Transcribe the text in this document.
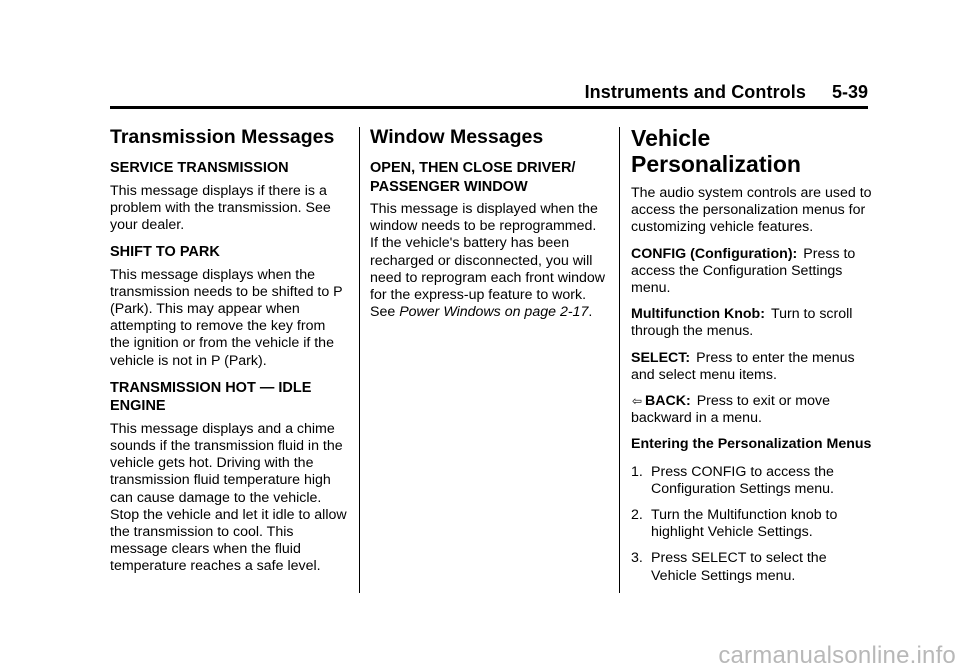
Instruments and Controls 5-39
Transmission Messages
SERVICE TRANSMISSION

This message displays if there is a problem with the transmission. See your dealer.

SHIFT TO PARK

This message displays when the transmission needs to be shifted to P (Park). This may appear when attempting to remove the key from the ignition or from the vehicle if the vehicle is not in P (Park).

TRANSMISSION HOT — IDLE ENGINE

This message displays and a chime sounds if the transmission fluid in the vehicle gets hot. Driving with the transmission fluid temperature high can cause damage to the vehicle. Stop the vehicle and let it idle to allow the transmission to cool. This message clears when the fluid temperature reaches a safe level.

Window Messages
OPEN, THEN CLOSE DRIVER/ PASSENGER WINDOW

This message is displayed when the window needs to be reprogrammed. If the vehicle's battery has been recharged or disconnected, you will need to reprogram each front window for the express-up feature to work. See Power Windows on page 2-17.

Vehicle Personalization

The audio system controls are used to access the personalization menus for customizing vehicle features.

CONFIG (Configuration): Press to access the Configuration Settings menu.

Multifunction Knob: Turn to scroll through the menus.

SELECT: Press to enter the menus and select menu items.

⇦ BACK: Press to exit or move backward in a menu.

Entering the Personalization Menus

1. Press CONFIG to access the Configuration Settings menu.
2. Turn the Multifunction knob to highlight Vehicle Settings.
3. Press SELECT to select the Vehicle Settings menu.
carmanualsonline.info
